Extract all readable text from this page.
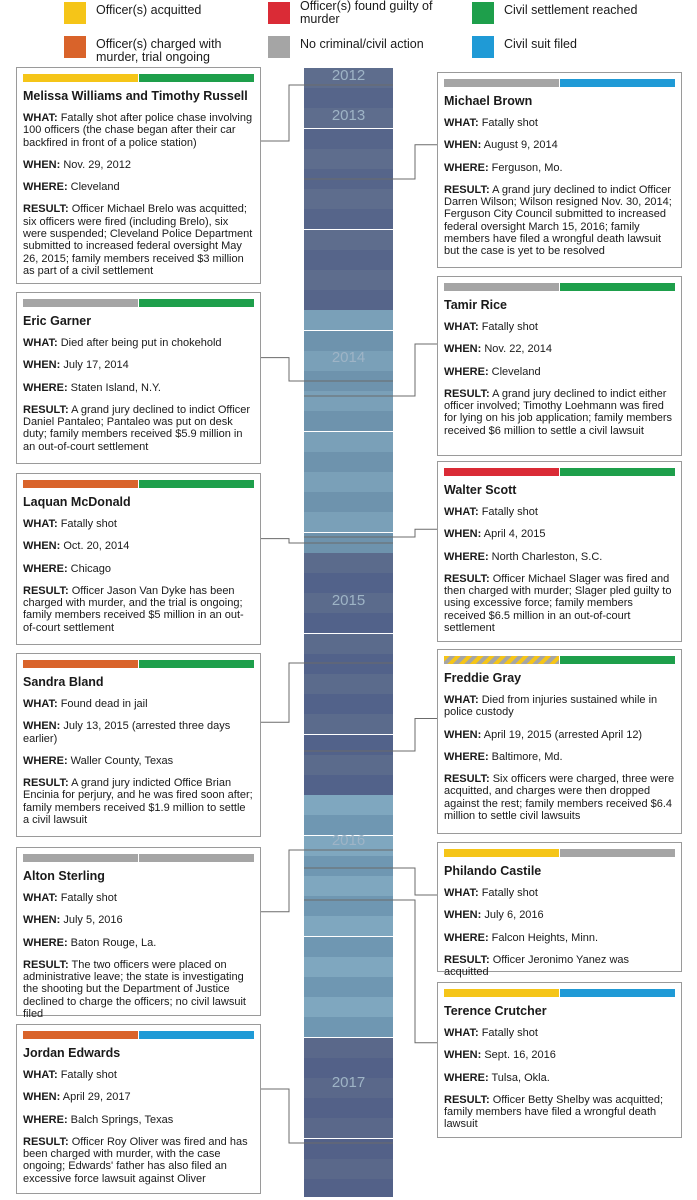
Officer(s) acquitted	Officer(s) found guilty of murder
Civil settlement reached
Officer(s) charged with murder, trial ongoing
No criminal/civil action	Civil suit filed
2012
2013
2014
2015
2016
2017
Melissa Williams and Timothy Russell

WHAT: Fatally shot after police chase involving 100 officers (the chase began after their car backfired in front of a police station)

WHEN: Nov. 29, 2012

WHERE: Cleveland

RESULT: Officer Michael Brelo was acquitted; six officers were fired (including Brelo), six were suspended; Cleveland Police Department submitted to increased federal oversight May 26, 2015; family members received $3 million as part of a civil settlement

Michael Brown

WHAT: Fatally shot

WHEN: August 9, 2014

WHERE: Ferguson, Mo.

RESULT: A grand jury declined to indict Officer Darren Wilson; Wilson resigned Nov. 30, 2014; Ferguson City Council submitted to increased federal oversight March 15, 2016; family members have filed a wrongful death lawsuit but the case is yet to be resolved

Eric Garner

WHAT: Died after being put in chokehold

WHEN: July 17, 2014

WHERE: Staten Island, N.Y.

RESULT: A grand jury declined to indict Officer Daniel Pantaleo; Pantaleo was put on desk duty; family members received $5.9 million in an out-of-court settlement

Tamir Rice

WHAT: Fatally shot

WHEN: Nov. 22, 2014

WHERE: Cleveland

RESULT: A grand jury declined to indict either officer involved; Timothy Loehmann was fired for lying on his job application; family members received $6 million to settle a civil lawsuit

Laquan McDonald

WHAT: Fatally shot

WHEN: Oct. 20, 2014

WHERE: Chicago

RESULT: Officer Jason Van Dyke has been charged with murder, and the trial is ongoing; family members received $5 million in an out-of-court settlement

Walter Scott

WHAT: Fatally shot

WHEN: April 4, 2015

WHERE: North Charleston, S.C.

RESULT: Officer Michael Slager was fired and then charged with murder; Slager pled guilty to using excessive force; family members received $6.5 million in an out-of-court settlement

Sandra Bland

WHAT: Found dead in jail

WHEN: July 13, 2015 (arrested three days earlier)

WHERE: Waller County, Texas

RESULT: A grand jury indicted Office Brian Encinia for perjury, and he was fired soon after; family members received $1.9 million to settle a civil lawsuit

Freddie Gray

WHAT: Died from injuries sustained while in police custody

WHEN: April 19, 2015 (arrested April 12)

WHERE: Baltimore, Md.

RESULT: Six officers were charged, three were acquitted, and charges were then dropped against the rest; family members received $6.4 million to settle civil lawsuits

Alton Sterling

WHAT: Fatally shot

WHEN: July 5, 2016

WHERE: Baton Rouge, La.

RESULT: The two officers were placed on administrative leave; the state is investigating the shooting but the Department of Justice declined to charge the officers; no civil lawsuit filed

Philando Castile

WHAT: Fatally shot

WHEN: July 6, 2016

WHERE: Falcon Heights, Minn.

RESULT: Officer Jeronimo Yanez was acquitted

Terence Crutcher

WHAT: Fatally shot

WHEN: Sept. 16, 2016

WHERE: Tulsa, Okla.

RESULT: Officer Betty Shelby was acquitted; family members have filed a wrongful death lawsuit

Jordan Edwards

WHAT: Fatally shot

WHEN: April 29, 2017

WHERE: Balch Springs, Texas

RESULT: Officer Roy Oliver was fired and has been charged with murder, with the case ongoing; Edwards' father has also filed an excessive force lawsuit against Oliver
